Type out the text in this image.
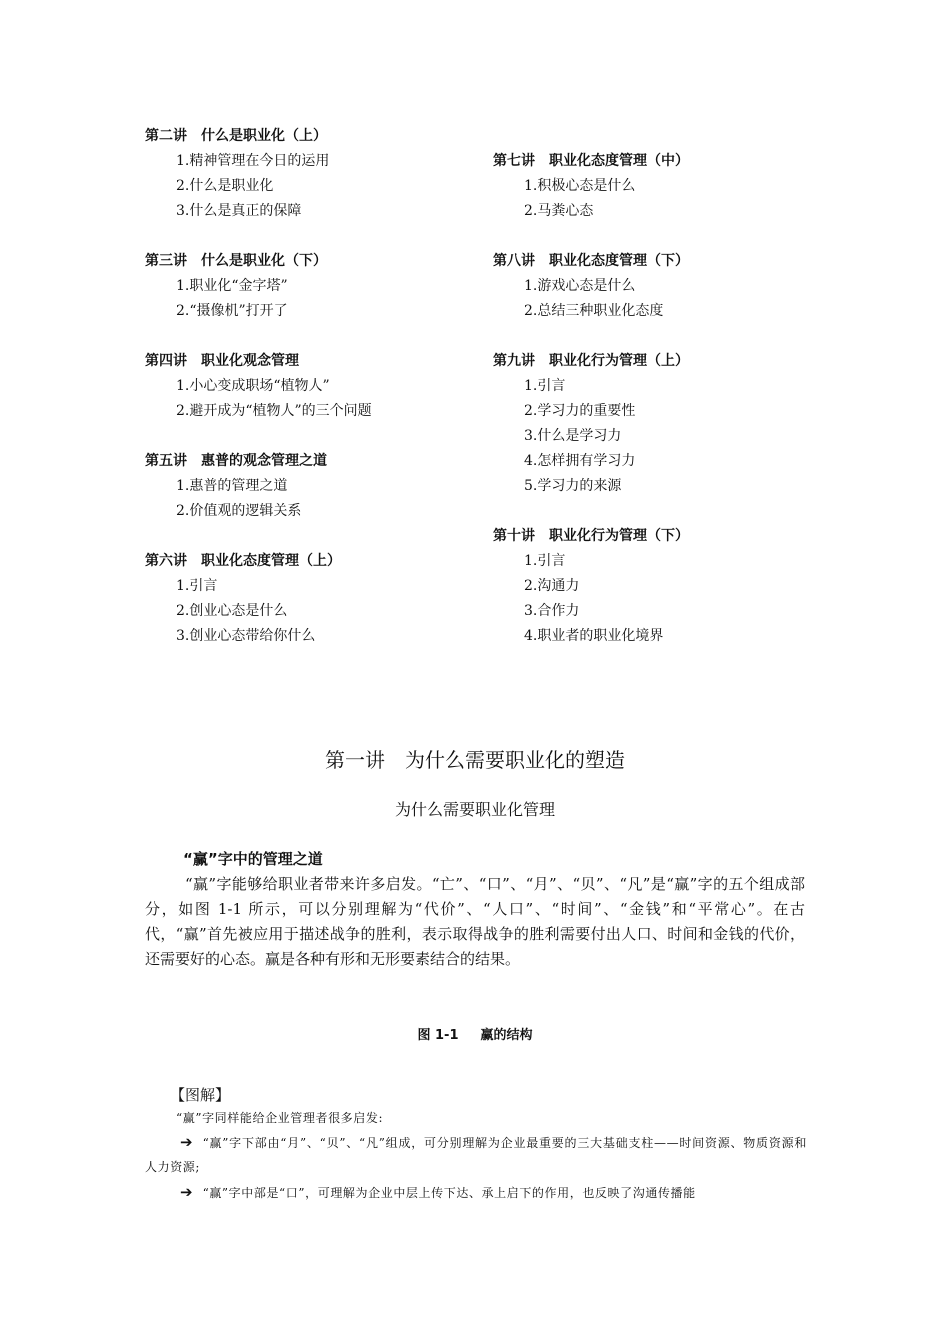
第二讲　什么是职业化（上）
1.精神管理在今日的运用
2.什么是职业化
3.什么是真正的保障
第三讲　什么是职业化（下）
1.职业化“金字塔”
2.“摄像机”打开了
第四讲　职业化观念管理
1.小心变成职场“植物人”
2.避开成为“植物人”的三个问题
第五讲　惠普的观念管理之道
1.惠普的管理之道
2.价值观的逻辑关系
第六讲　职业化态度管理（上）
1.引言
2.创业心态是什么
3.创业心态带给你什么
第七讲　职业化态度管理（中）
1.积极心态是什么
2.马粪心态
第八讲　职业化态度管理（下）
1.游戏心态是什么
2.总结三种职业化态度
第九讲　职业化行为管理（上）
1.引言
2.学习力的重要性
3.什么是学习力
4.怎样拥有学习力
5.学习力的来源
第十讲　职业化行为管理（下）
1.引言
2.沟通力
3.合作力
4.职业者的职业化境界
第一讲　为什么需要职业化的塑造
为什么需要职业化管理
“赢”字中的管理之道
“赢”字能够给职业者带来许多启发。“亡”、“口”、“月”、“贝”、“凡”是“赢”字的五个组成部分，如图 1-1 所示，可以分别理解为“代价”、“人口”、“时间”、“金钱”和“平常心”。在古代，“赢”首先被应用于描述战争的胜利，表示取得战争的胜利需要付出人口、时间和金钱的代价，还需要好的心态。赢是各种有形和无形要素结合的结果。
图 1-1 赢的结构
【图解】
“赢”字同样能给企业管理者很多启发:
➔ “赢”字下部由“月”、“贝”、“凡”组成，可分别理解为企业最重要的三大基础支柱——时间资源、物质资源和人力资源;
➔ “赢”字中部是“口”，可理解为企业中层上传下达、承上启下的作用，也反映了沟通传播能
